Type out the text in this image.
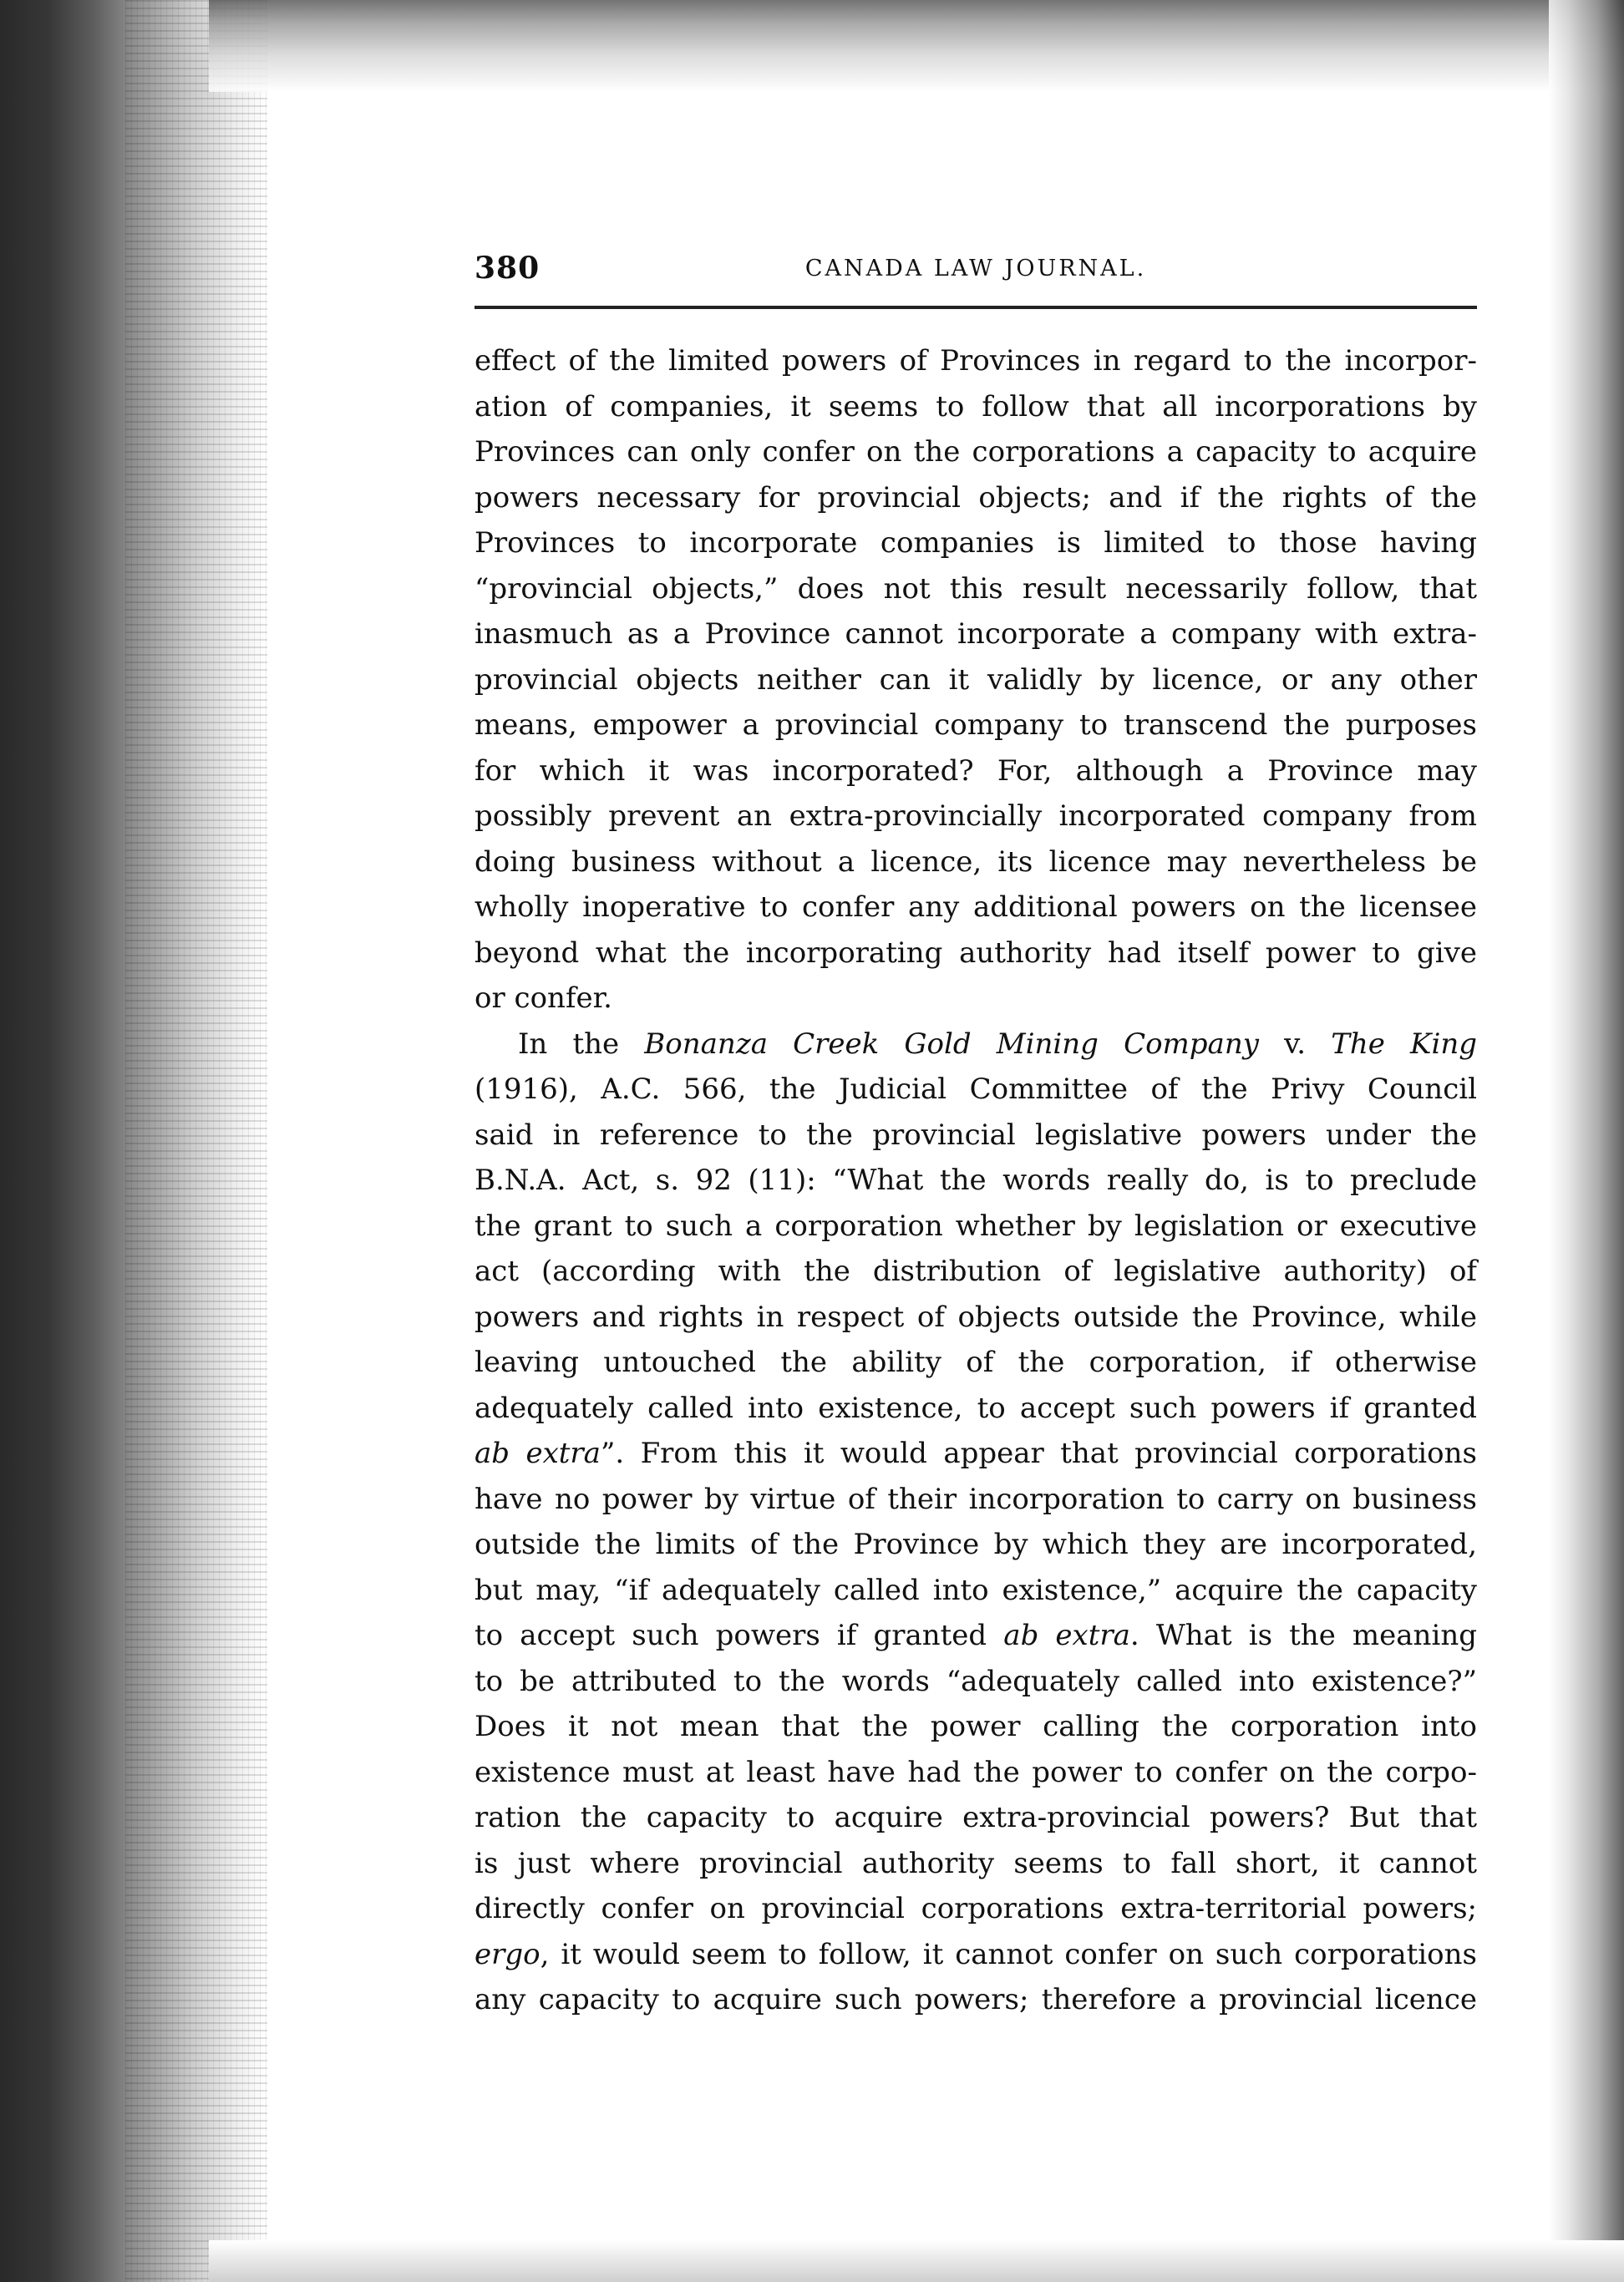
380	CANADA LAW JOURNAL.
effect of the limited powers of Provinces in regard to the incorpor-
ation of companies, it seems to follow that all incorporations by
Provinces can only confer on the corporations a capacity to acquire
powers necessary for provincial objects; and if the rights of the
Provinces to incorporate companies is limited to those having
“provincial objects,” does not this result necessarily follow, that
inasmuch as a Province cannot incorporate a company with extra-
provincial objects neither can it validly by licence, or any other
means, empower a provincial company to transcend the purposes
for which it was incorporated? For, although a Province may
possibly prevent an extra-provincially incorporated company from
doing business without a licence, its licence may nevertheless be
wholly inoperative to confer any additional powers on the licensee
beyond what the incorporating authority had itself power to give
or confer.
In the Bonanza Creek Gold Mining Company v. The King
(1916), A.C. 566, the Judicial Committee of the Privy Council
said in reference to the provincial legislative powers under the
B.N.A. Act, s. 92 (11): “What the words really do, is to preclude
the grant to such a corporation whether by legislation or executive
act (according with the distribution of legislative authority) of
powers and rights in respect of objects outside the Province, while
leaving untouched the ability of the corporation, if otherwise
adequately called into existence, to accept such powers if granted
ab extra”. From this it would appear that provincial corporations
have no power by virtue of their incorporation to carry on business
outside the limits of the Province by which they are incorporated,
but may, “if adequately called into existence,” acquire the capacity
to accept such powers if granted ab extra. What is the meaning
to be attributed to the words “adequately called into existence?”
Does it not mean that the power calling the corporation into
existence must at least have had the power to confer on the corpo-
ration the capacity to acquire extra-provincial powers? But that
is just where provincial authority seems to fall short, it cannot
directly confer on provincial corporations extra-territorial powers;
ergo, it would seem to follow, it cannot confer on such corporations
any capacity to acquire such powers; therefore a provincial licence
